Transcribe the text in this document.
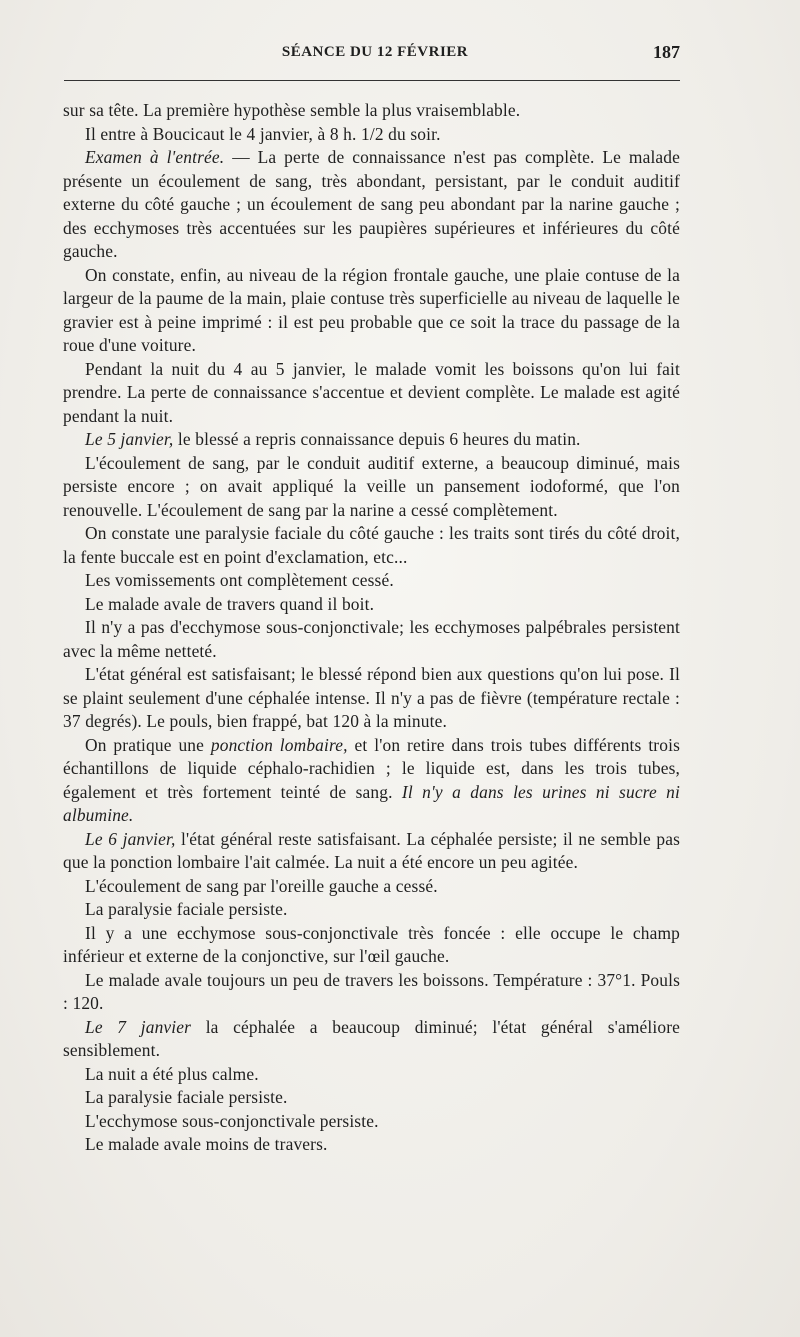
SÉANCE DU 12 FÉVRIER	187

sur sa tête. La première hypothèse semble la plus vraisemblable.

Il entre à Boucicaut le 4 janvier, à 8 h. 1/2 du soir.

Examen à l'entrée. — La perte de connaissance n'est pas complète. Le malade présente un écoulement de sang, très abondant, persistant, par le conduit auditif externe du côté gauche ; un écoulement de sang peu abondant par la narine gauche ; des ecchymoses très accentuées sur les paupières supérieures et inférieures du côté gauche.

On constate, enfin, au niveau de la région frontale gauche, une plaie contuse de la largeur de la paume de la main, plaie contuse très superficielle au niveau de laquelle le gravier est à peine imprimé : il est peu probable que ce soit la trace du passage de la roue d'une voiture.

Pendant la nuit du 4 au 5 janvier, le malade vomit les boissons qu'on lui fait prendre. La perte de connaissance s'accentue et devient complète. Le malade est agité pendant la nuit.

Le 5 janvier, le blessé a repris connaissance depuis 6 heures du matin.

L'écoulement de sang, par le conduit auditif externe, a beaucoup diminué, mais persiste encore ; on avait appliqué la veille un pansement iodoformé, que l'on renouvelle. L'écoulement de sang par la narine a cessé complètement.

On constate une paralysie faciale du côté gauche : les traits sont tirés du côté droit, la fente buccale est en point d'exclamation, etc...

Les vomissements ont complètement cessé.

Le malade avale de travers quand il boit.

Il n'y a pas d'ecchymose sous-conjonctivale; les ecchymoses palpébrales persistent avec la même netteté.

L'état général est satisfaisant; le blessé répond bien aux questions qu'on lui pose. Il se plaint seulement d'une céphalée intense. Il n'y a pas de fièvre (température rectale : 37 degrés). Le pouls, bien frappé, bat 120 à la minute.

On pratique une ponction lombaire, et l'on retire dans trois tubes différents trois échantillons de liquide céphalo-rachidien ; le liquide est, dans les trois tubes, également et très fortement teinté de sang. Il n'y a dans les urines ni sucre ni albumine.

Le 6 janvier, l'état général reste satisfaisant. La céphalée persiste; il ne semble pas que la ponction lombaire l'ait calmée. La nuit a été encore un peu agitée.

L'écoulement de sang par l'oreille gauche a cessé.

La paralysie faciale persiste.

Il y a une ecchymose sous-conjonctivale très foncée : elle occupe le champ inférieur et externe de la conjonctive, sur l'œil gauche.

Le malade avale toujours un peu de travers les boissons. Température : 37°1. Pouls : 120.

Le 7 janvier la céphalée a beaucoup diminué; l'état général s'améliore sensiblement.

La nuit a été plus calme.

La paralysie faciale persiste.

L'ecchymose sous-conjonctivale persiste.

Le malade avale moins de travers.
